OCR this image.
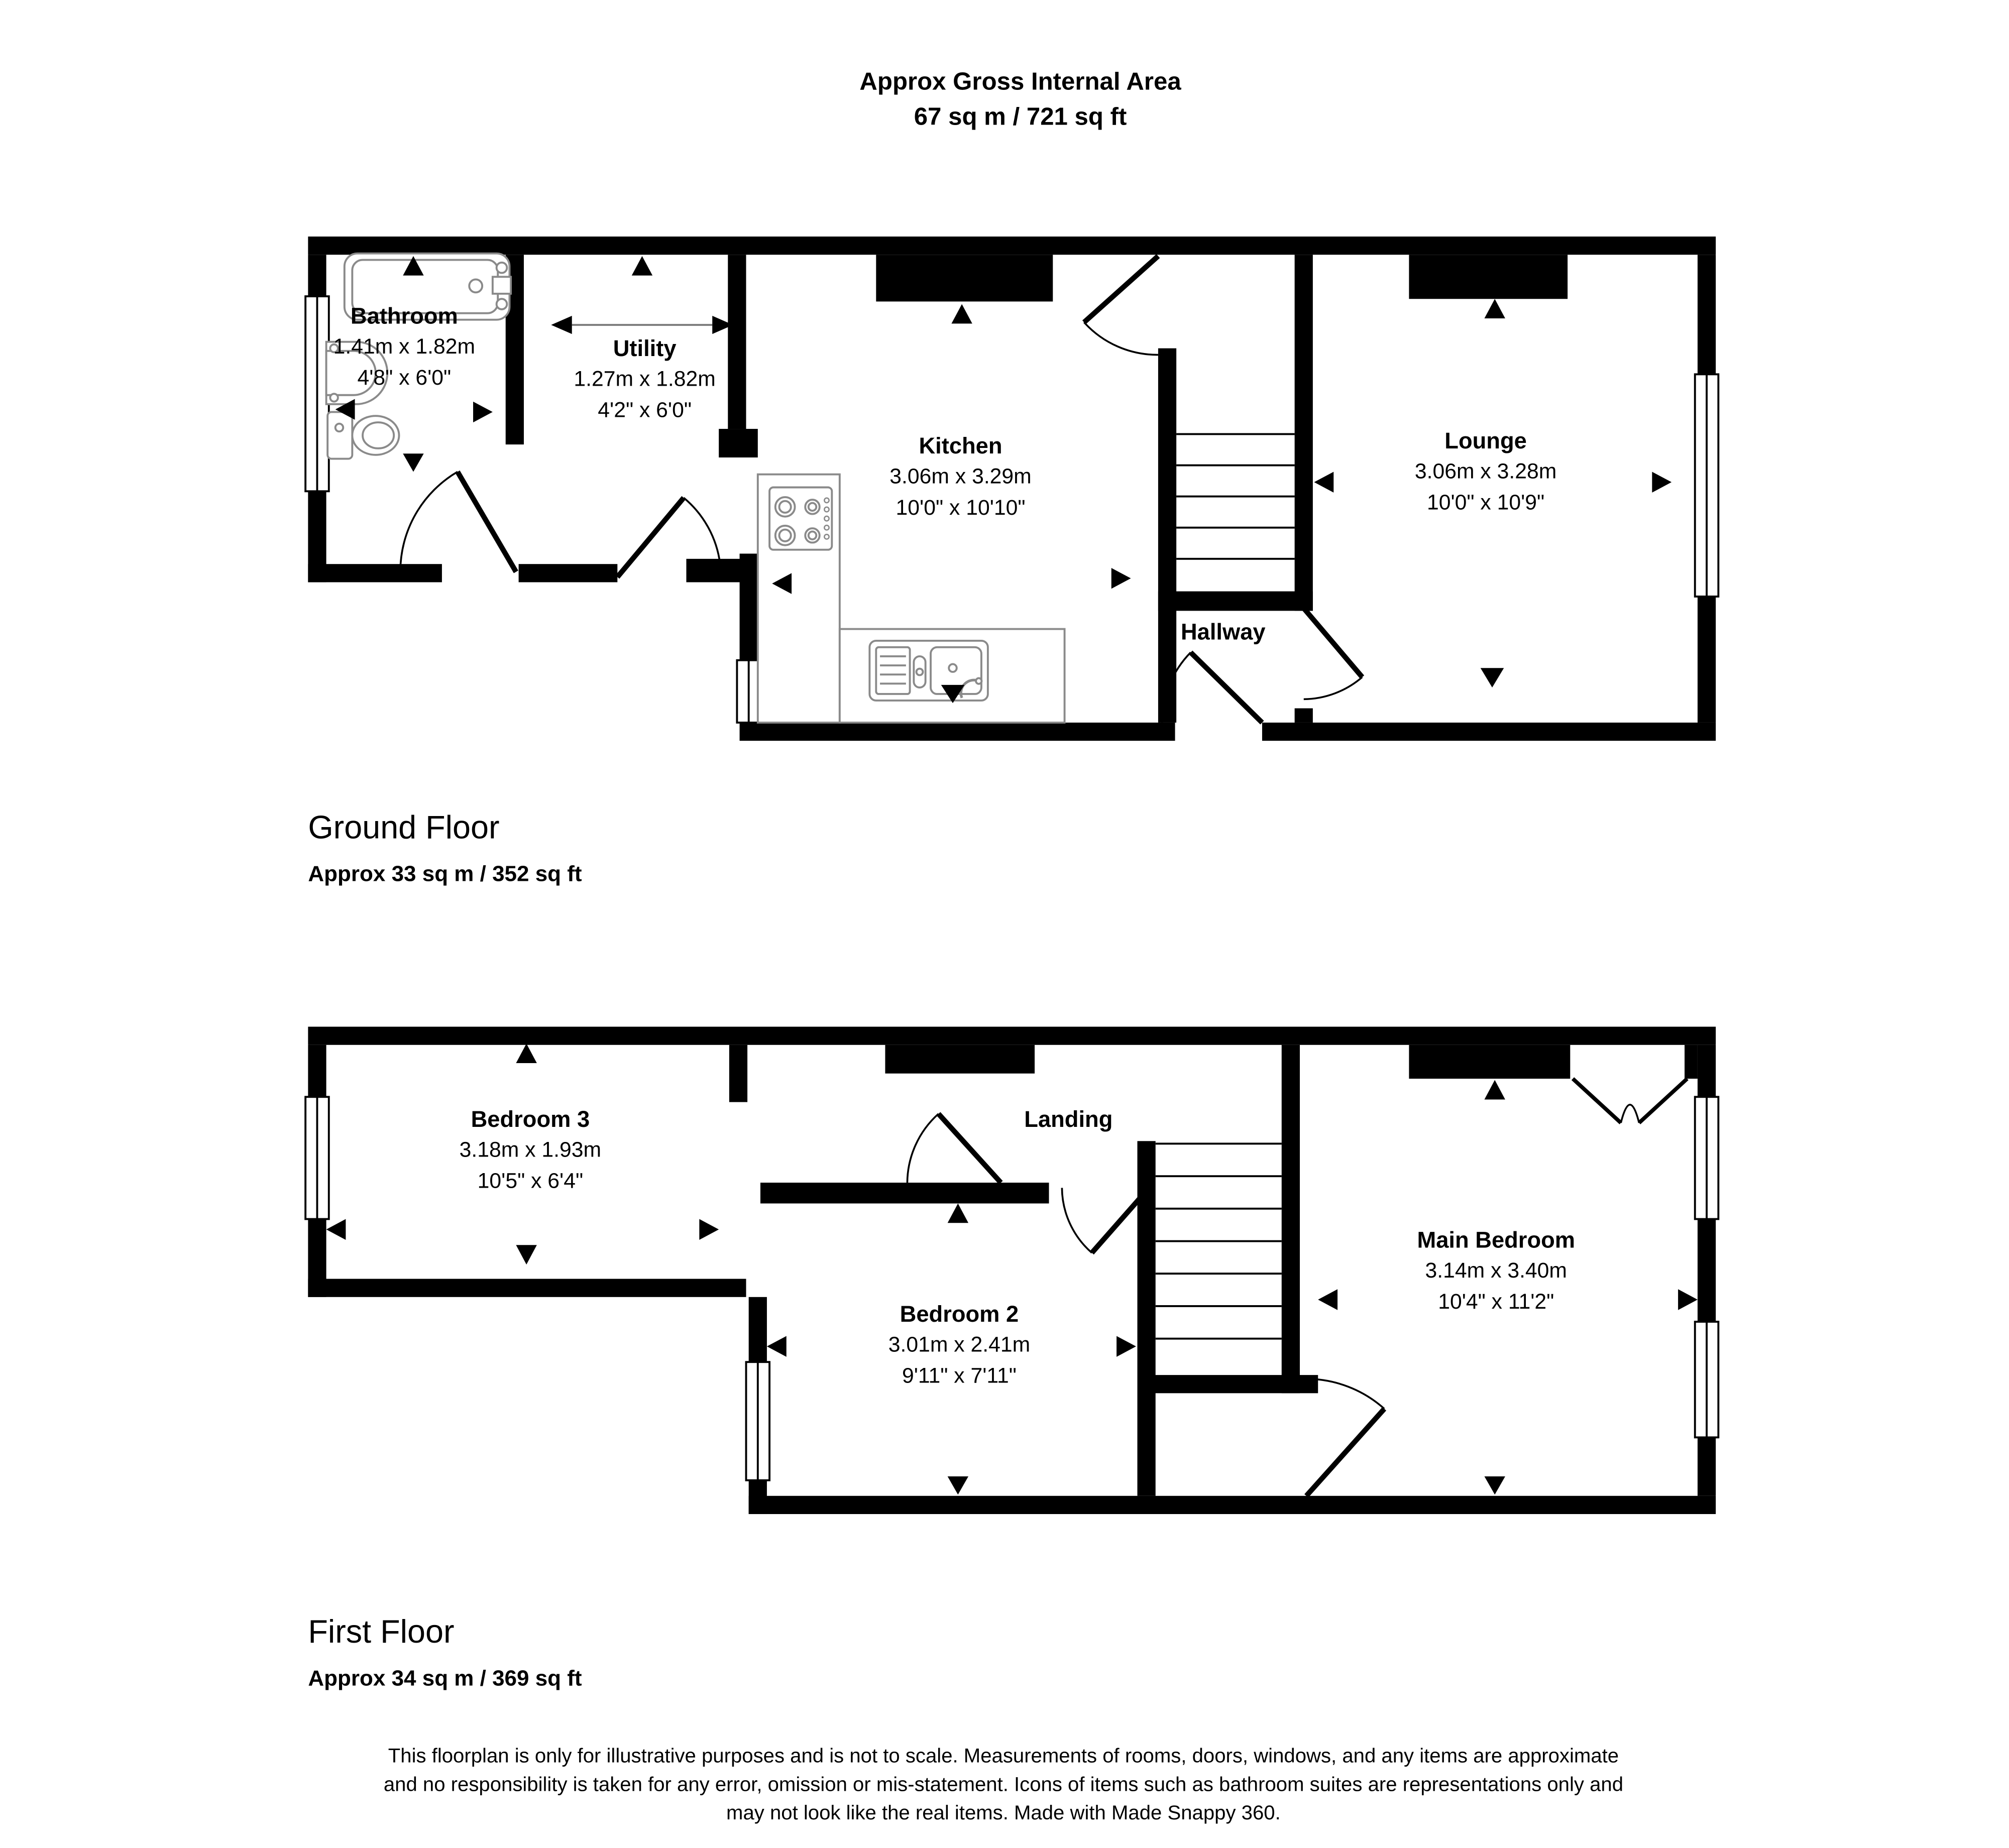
Approx Gross Internal Area
67 sq m / 721 sq ft
Bathroom
1.41m x 1.82m
4'8" x 6'0"
Utility
1.27m x 1.82m
4'2" x 6'0"
Kitchen
3.06m x 3.29m
10'0" x 10'10"
Lounge
3.06m x 3.28m
10'0" x 10'9"
Hallway
Ground Floor
Approx 33 sq m / 352 sq ft
Bedroom 3
3.18m x 1.93m
10'5" x 6'4"
Landing
Bedroom 2
3.01m x 2.41m
9'11" x 7'11"
Main Bedroom
3.14m x 3.40m
10'4" x 11'2"
First Floor
Approx 34 sq m / 369 sq ft
This floorplan is only for illustrative purposes and is not to scale. Measurements of rooms, doors, windows, and any items are approximate
and no responsibility is taken for any error, omission or mis-statement. Icons of items such as bathroom suites are representations only and
may not look like the real items. Made with Made Snappy 360.
